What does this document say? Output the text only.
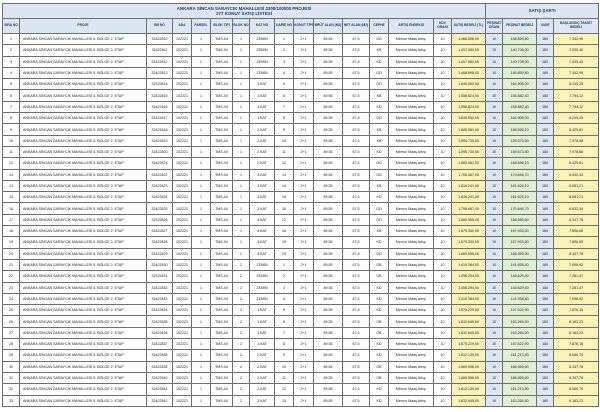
ANKARA SİNCAN SARAYCIK MAHALLESİ 2300/100000 PROJESİ
277 KONUT SATIŞ LİSTESİ																SATIŞ ŞARTI			
SIRA NO	PROJE	BB NO	ADA	PARSEL	BLOK TİPİ	BLOK NO	KAT NO	DAİRE NO	KONUT TİPİ	BRÜT ALAN (M2)	NET ALAN (M2)	CEPHE	ARTIŞ ENDEKSİ	KDV ORANI	SATIŞ BEDELİ (TL)	PEŞİNAT ORANI	PEŞİNAT BEDELİ	VADE	BAŞLANGIÇ TAKSİT BEDELİ
1	ANKARA SİNCAN SARAYCIK MAHALLESİ 5. BÖLGE 2. ETAP	32422810	102221	1	TMS-04	1	ZEMİN	1	2+1	89,55	67,5	GD	Memur Maaş Artışı	10	1.468.598,00	10	146.859,80	180	7.342,99
2	ANKARA SİNCAN SARAYCIK MAHALLESİ 5. BÖLGE 2. ETAP	32422811	102221	1	TMS-04	1	ZEMİN	2	2+1	89,55	67,5	KB	Memur Maaş Artışı	10	1.407.080,00	10	140.708,00	180	7.035,40
3	ANKARA SİNCAN SARAYCIK MAHALLESİ 5. BÖLGE 2. ETAP	32422812	102221	1	TMS-04	1	ZEMİN	3	2+1	89,55	67,5	KD	Memur Maaş Artışı	10	1.407.080,00	10	140.708,00	180	7.035,40
4	ANKARA SİNCAN SARAYCIK MAHALLESİ 5. BÖLGE 2. ETAP	32422813	102221	1	TMS-04	1	ZEMİN	4	2+1	89,55	67,5	GD	Memur Maaş Artışı	10	1.468.598,00	10	146.859,80	180	7.342,99
5	ANKARA SİNCAN SARAYCIK MAHALLESİ 5. BÖLGE 2. ETAP	32422814	102221	1	TMS-04	1	1.KAT	5	2+1	89,55	67,5	GD	Memur Maaş Artışı	10	1.649.050,00	10	164.905,00	180	8.245,25
6	ANKARA SİNCAN SARAYCIK MAHALLESİ 5. BÖLGE 2. ETAP	32422815	102221	1	TMS-04	1	1.KAT	6	2+1	89,55	67,5	KB	Memur Maaş Artışı	10	1.558.824,00	10	155.882,40	180	7.794,12
7	ANKARA SİNCAN SARAYCIK MAHALLESİ 5. BÖLGE 2. ETAP	32422816	102221	1	TMS-04	1	1.KAT	7	2+1	89,55	67,5	KD	Memur Maaş Artışı	10	1.558.824,00	10	155.882,40	180	7.794,12
8	ANKARA SİNCAN SARAYCIK MAHALLESİ 5. BÖLGE 2. ETAP	32422817	102221	1	TMS-04	1	1.KAT	8	2+1	89,55	67,5	GD	Memur Maaş Artışı	10	1.649.050,00	10	164.905,00	180	8.245,25
9	ANKARA SİNCAN SARAYCIK MAHALLESİ 5. BÖLGE 2. ETAP	32422818	102221	1	TMS-04	1	2.KAT	9	2+1	89,55	67,5	KB	Memur Maaş Artışı	10	1.685.961,00	10	168.596,10	180	8.429,81
10	ANKARA SİNCAN SARAYCIK MAHALLESİ 5. BÖLGE 2. ETAP	32422819	102221	1	TMS-04	1	2.KAT	10	2+1	89,55	67,5	KB	Memur Maaş Artışı	10	1.595.735,00	10	159.573,50	180	7.978,68
11	ANKARA SİNCAN SARAYCIK MAHALLESİ 5. BÖLGE 2. ETAP	32422820	102221	1	TMS-04	1	2.KAT	11	2+1	89,55	67,5	KD	Memur Maaş Artışı	10	1.595.735,00	10	159.573,50	180	7.978,68
12	ANKARA SİNCAN SARAYCIK MAHALLESİ 5. BÖLGE 2. ETAP	32422821	102221	1	TMS-04	1	2.KAT	12	2+1	89,55	67,5	GD	Memur Maaş Artışı	10	1.685.961,00	10	168.596,10	180	8.429,81
13	ANKARA SİNCAN SARAYCIK MAHALLESİ 5. BÖLGE 2. ETAP	32422822	102221	1	TMS-04	1	3.KAT	13	2+1	89,55	67,5	GD	Memur Maaş Artışı	10	1.706.467,00	10	170.646,70	180	8.532,34
14	ANKARA SİNCAN SARAYCIK MAHALLESİ 5. BÖLGE 2. ETAP	32422823	102221	1	TMS-04	1	3.KAT	14	2+1	89,55	67,5	KB	Memur Maaş Artışı	10	1.616.241,00	10	161.624,10	180	8.081,21
15	ANKARA SİNCAN SARAYCIK MAHALLESİ 5. BÖLGE 2. ETAP	32422824	102221	1	TMS-04	1	3.KAT	15	2+1	89,55	67,5	KD	Memur Maaş Artışı	10	1.616.241,00	10	161.624,10	180	8.081,21
16	ANKARA SİNCAN SARAYCIK MAHALLESİ 5. BÖLGE 2. ETAP	32422825	102221	1	TMS-04	1	3.KAT	16	2+1	89,55	67,5	GD	Memur Maaş Artışı	10	1.706.467,00	10	170.646,70	180	8.532,34
17	ANKARA SİNCAN SARAYCIK MAHALLESİ 5. BÖLGE 2. ETAP	32422826	102221	1	TMS-04	1	4.KAT	17	2+1	89,55	67,5	GD	Memur Maaş Artışı	10	1.669.555,00	10	166.955,50	180	8.347,78
18	ANKARA SİNCAN SARAYCIK MAHALLESİ 5. BÖLGE 2. ETAP	32422827	102221	1	TMS-04	1	4.KAT	18	2+1	89,55	67,5	KB	Memur Maaş Artışı	10	1.579.330,00	10	157.933,00	180	7.896,65
19	ANKARA SİNCAN SARAYCIK MAHALLESİ 5. BÖLGE 2. ETAP	32422828	102221	1	TMS-04	1	4.KAT	19	2+1	89,55	67,5	KD	Memur Maaş Artışı	10	1.579.330,00	10	157.933,00	180	7.896,65
20	ANKARA SİNCAN SARAYCIK MAHALLESİ 5. BÖLGE 2. ETAP	32422829	102221	1	TMS-04	1	4.KAT	20	2+1	89,55	67,5	GD	Memur Maaş Artışı	10	1.669.555,00	10	166.955,50	180	8.347,78
21	ANKARA SİNCAN SARAYCIK MAHALLESİ 5. BÖLGE 2. ETAP	32422830	102221	1	TMS-04	2	ZEMİN	1	2+1	89,55	67,5	GB	Memur Maaş Artışı	10	1.419.384,00	10	141.938,40	180	7.096,92
22	ANKARA SİNCAN SARAYCIK MAHALLESİ 5. BÖLGE 2. ETAP	32422831	102221	1	TMS-04	2	ZEMİN	2	2+1	89,55	67,5	GB	Memur Maaş Artışı	10	1.456.294,00	10	145.629,40	180	7.281,47
23	ANKARA SİNCAN SARAYCIK MAHALLESİ 5. BÖLGE 2. ETAP	32422832	102221	1	TMS-04	2	ZEMİN	3	2+1	89,55	67,5	KD	Memur Maaş Artışı	10	1.456.294,00	10	145.629,40	180	7.281,47
24	ANKARA SİNCAN SARAYCIK MAHALLESİ 5. BÖLGE 2. ETAP	32422833	102221	1	TMS-04	2	ZEMİN	4	2+1	89,55	67,5	KD	Memur Maaş Artışı	10	1.419.384,00	10	141.938,40	180	7.096,92
25	ANKARA SİNCAN SARAYCIK MAHALLESİ 5. BÖLGE 2. ETAP	32422834	102221	1	TMS-04	2	1.KAT	5	2+1	89,55	67,5	KD	Memur Maaş Artışı	10	1.575.229,00	10	157.522,90	180	7.876,15
26	ANKARA SİNCAN SARAYCIK MAHALLESİ 5. BÖLGE 2. ETAP	32422835	102221	1	TMS-04	2	1.KAT	6	2+1	89,55	67,5	GB	Memur Maaş Artışı	10	1.632.645,00	10	163.264,50	180	8.163,23
27	ANKARA SİNCAN SARAYCIK MAHALLESİ 5. BÖLGE 2. ETAP	32422836	102221	1	TMS-04	2	1.KAT	7	2+1	89,55	67,5	GB	Memur Maaş Artışı	10	1.632.645,00	10	163.264,50	180	8.163,23
28	ANKARA SİNCAN SARAYCIK MAHALLESİ 5. BÖLGE 2. ETAP	32422837	102221	1	TMS-04	2	1.KAT	8	2+1	89,55	67,5	KD	Memur Maaş Artışı	10	1.575.229,00	10	157.522,90	180	7.876,15
29	ANKARA SİNCAN SARAYCIK MAHALLESİ 5. BÖLGE 2. ETAP	32422838	102221	1	TMS-04	2	2.KAT	9	2+1	89,55	67,5	KD	Memur Maaş Artışı	10	1.612.139,00	10	161.213,90	180	8.060,70
30	ANKARA SİNCAN SARAYCIK MAHALLESİ 5. BÖLGE 2. ETAP	32422839	102221	1	TMS-04	2	2.KAT	10	2+1	89,55	67,5	GB	Memur Maaş Artışı	10	1.669.556,00	10	166.955,60	180	8.347,78
31	ANKARA SİNCAN SARAYCIK MAHALLESİ 5. BÖLGE 2. ETAP	32422840	102221	1	TMS-04	2	2.KAT	11	2+1	89,55	67,5	GB	Memur Maaş Artışı	10	1.669.556,00	10	166.955,60	180	8.347,78
32	ANKARA SİNCAN SARAYCIK MAHALLESİ 5. BÖLGE 2. ETAP	32422841	102221	1	TMS-04	2	2.KAT	12	2+1	89,55	67,5	KD	Memur Maaş Artışı	10	1.612.139,00	10	161.213,90	180	8.060,70
33	ANKARA SİNCAN SARAYCIK MAHALLESİ 5. BÖLGE 2. ETAP	32422842	102221	1	TMS-04	2	3.KAT	13	2+1	89,55	67,5	KD	Memur Maaş Artışı	10	1.632.645,00	10	163.264,50	180	8.163,23
